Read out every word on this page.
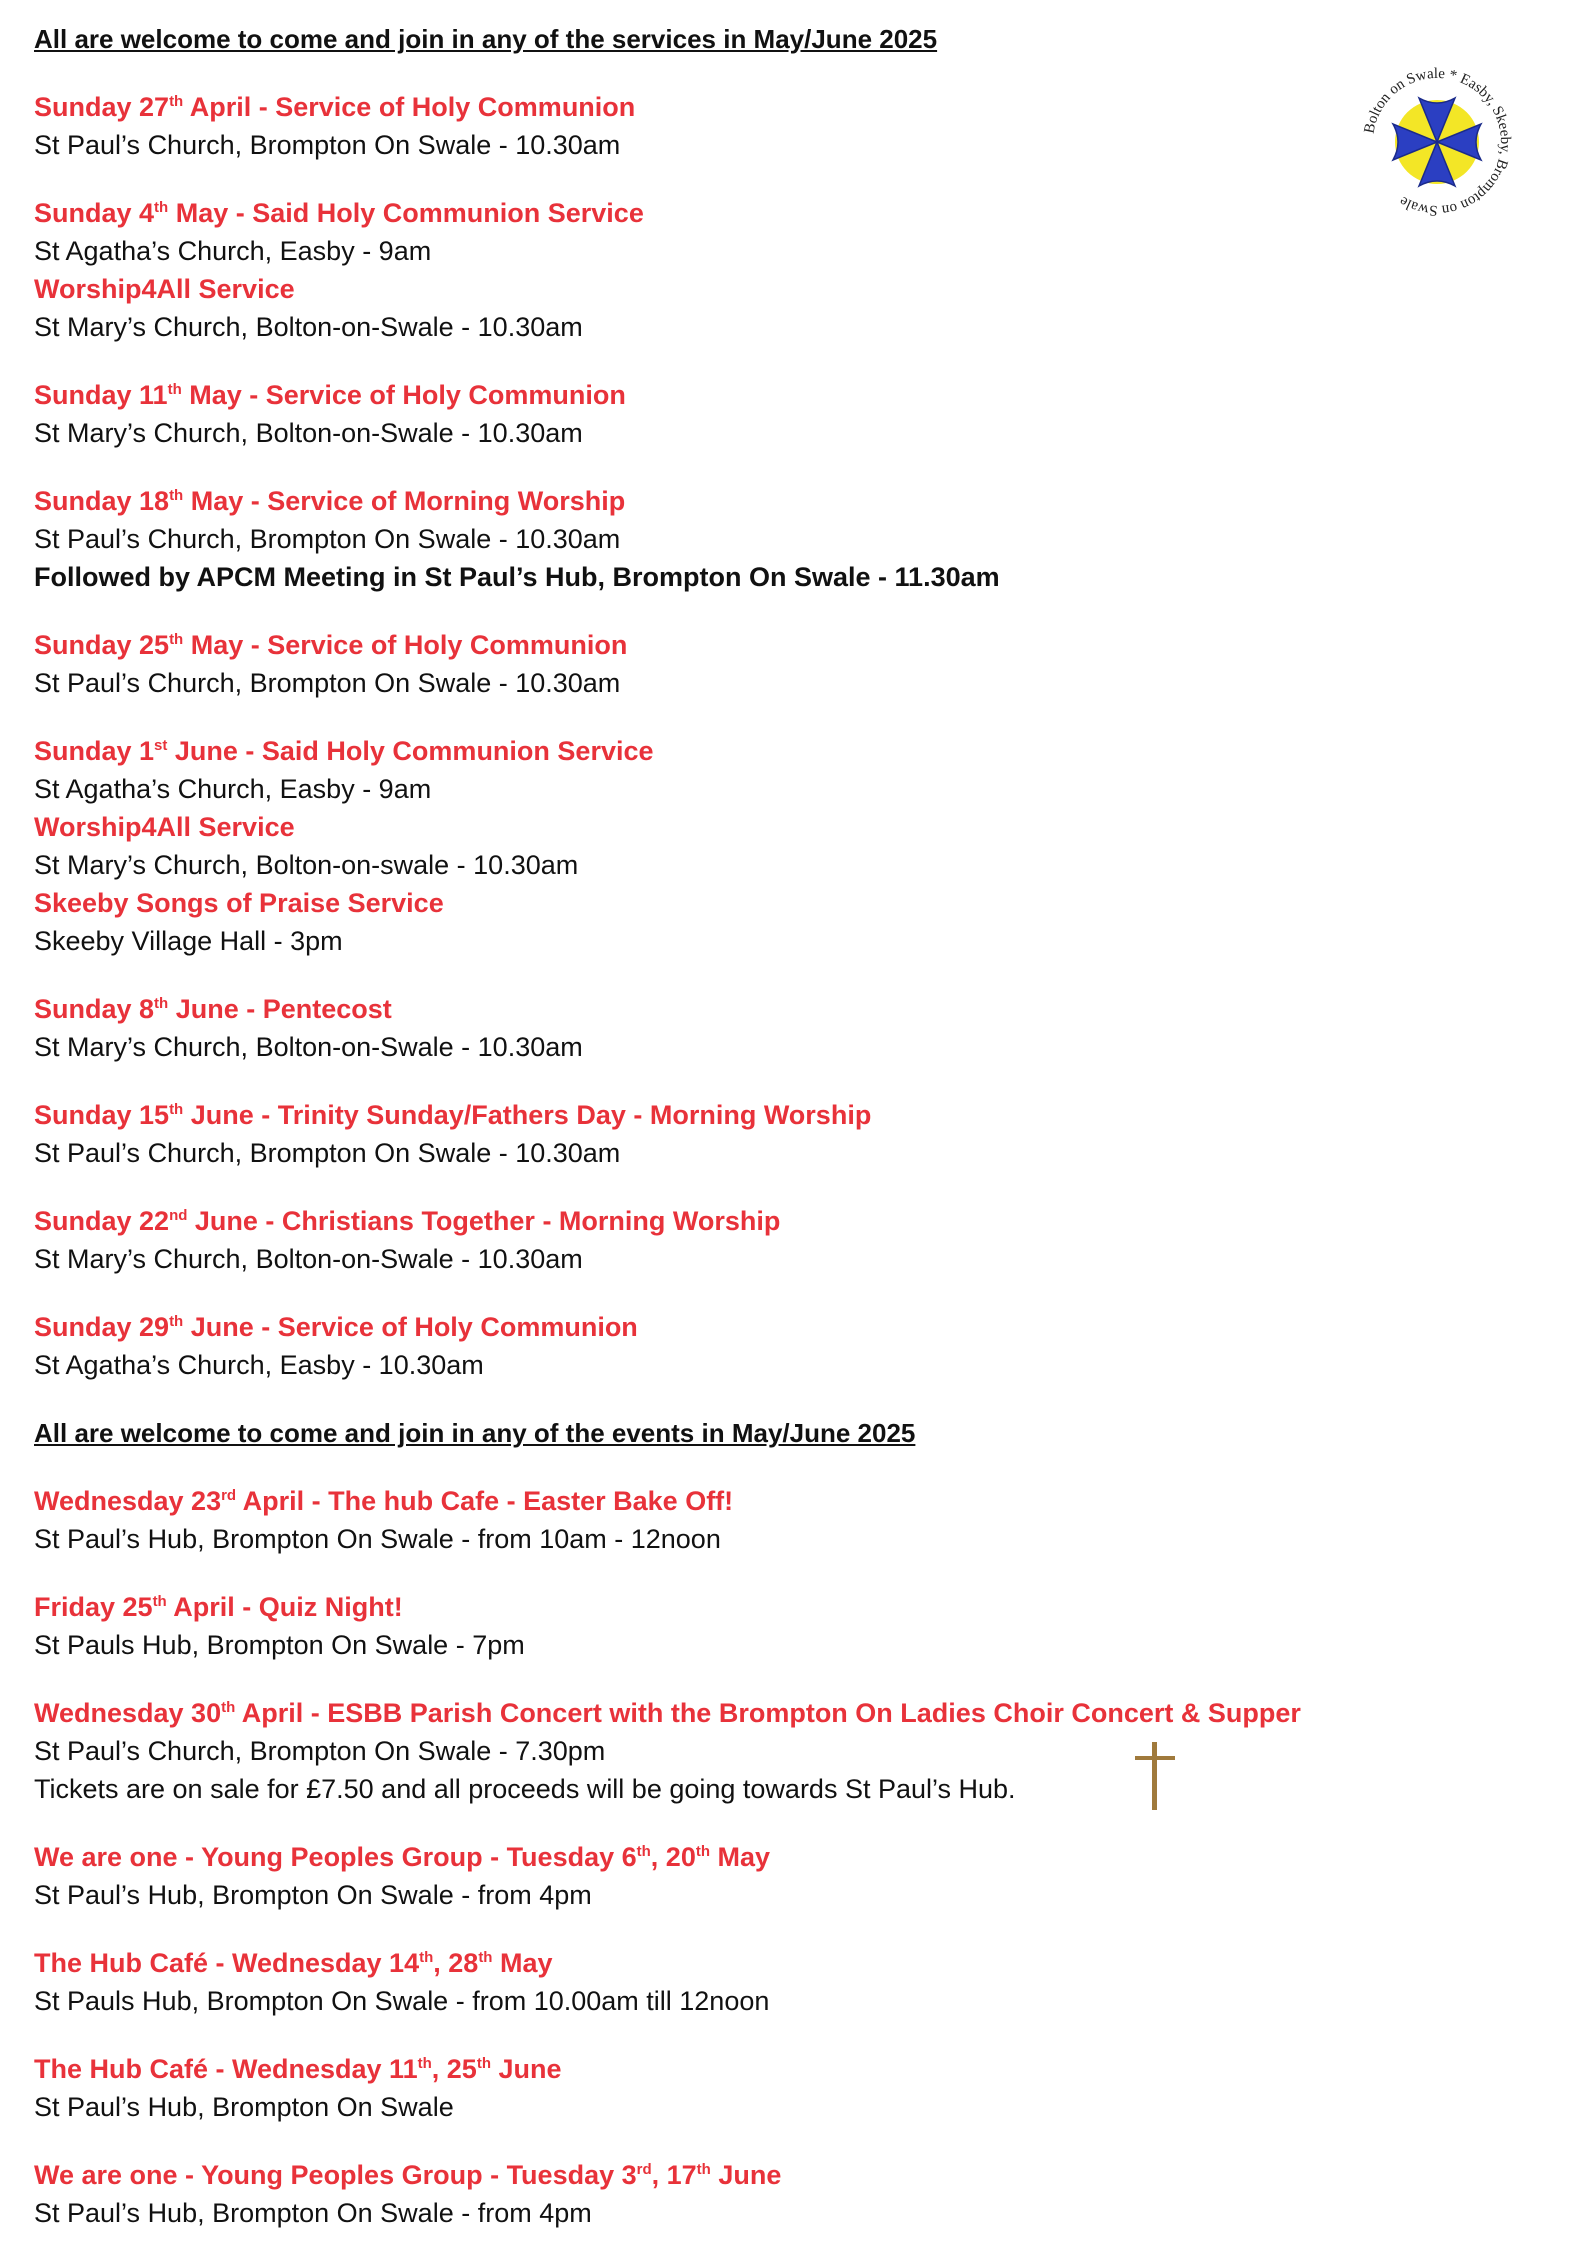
All are welcome to come and join in any of the services in May/June 2025
Sunday 27th April - Service of Holy Communion
St Paul’s Church, Brompton On Swale - 10.30am
Sunday 4th May - Said Holy Communion Service
St Agatha’s Church, Easby - 9am
Worship4All Service
St Mary’s Church, Bolton-on-Swale - 10.30am
Sunday 11th May - Service of Holy Communion
St Mary’s Church, Bolton-on-Swale - 10.30am
Sunday 18th May - Service of Morning Worship
St Paul’s Church, Brompton On Swale - 10.30am
Followed by APCM Meeting in St Paul’s Hub, Brompton On Swale - 11.30am
Sunday 25th May - Service of Holy Communion
St Paul’s Church, Brompton On Swale - 10.30am
Sunday 1st June - Said Holy Communion Service
St Agatha’s Church, Easby - 9am
Worship4All Service
St Mary’s Church, Bolton-on-swale - 10.30am
Skeeby Songs of Praise Service
Skeeby Village Hall - 3pm
Sunday 8th June - Pentecost
St Mary’s Church, Bolton-on-Swale - 10.30am
Sunday 15th June - Trinity Sunday/Fathers Day - Morning Worship
St Paul’s Church, Brompton On Swale - 10.30am
Sunday 22nd June - Christians Together - Morning Worship
St Mary’s Church, Bolton-on-Swale - 10.30am
Sunday 29th June - Service of Holy Communion
St Agatha’s Church, Easby - 10.30am
All are welcome to come and join in any of the events in May/June 2025
Wednesday 23rd April - The hub Cafe - Easter Bake Off!
St Paul’s Hub, Brompton On Swale - from 10am - 12noon
Friday 25th April - Quiz Night!
St Pauls Hub, Brompton On Swale - 7pm
Wednesday 30th April - ESBB Parish Concert with the Brompton On Ladies Choir Concert & Supper
St Paul’s Church, Brompton On Swale - 7.30pm
Tickets are on sale for £7.50 and all proceeds will be going towards St Paul’s Hub.
We are one - Young Peoples Group - Tuesday 6th, 20th May
St Paul’s Hub, Brompton On Swale - from 4pm
The Hub Café - Wednesday 14th, 28th May
St Pauls Hub, Brompton On Swale - from 10.00am till 12noon
The Hub Café - Wednesday 11th, 25th June
St Paul’s Hub, Brompton On Swale
We are one - Young Peoples Group - Tuesday 3rd, 17th June
St Paul’s Hub, Brompton On Swale - from 4pm
Bolton on Swale * Easby, Skeeby, Brompton on Swale
